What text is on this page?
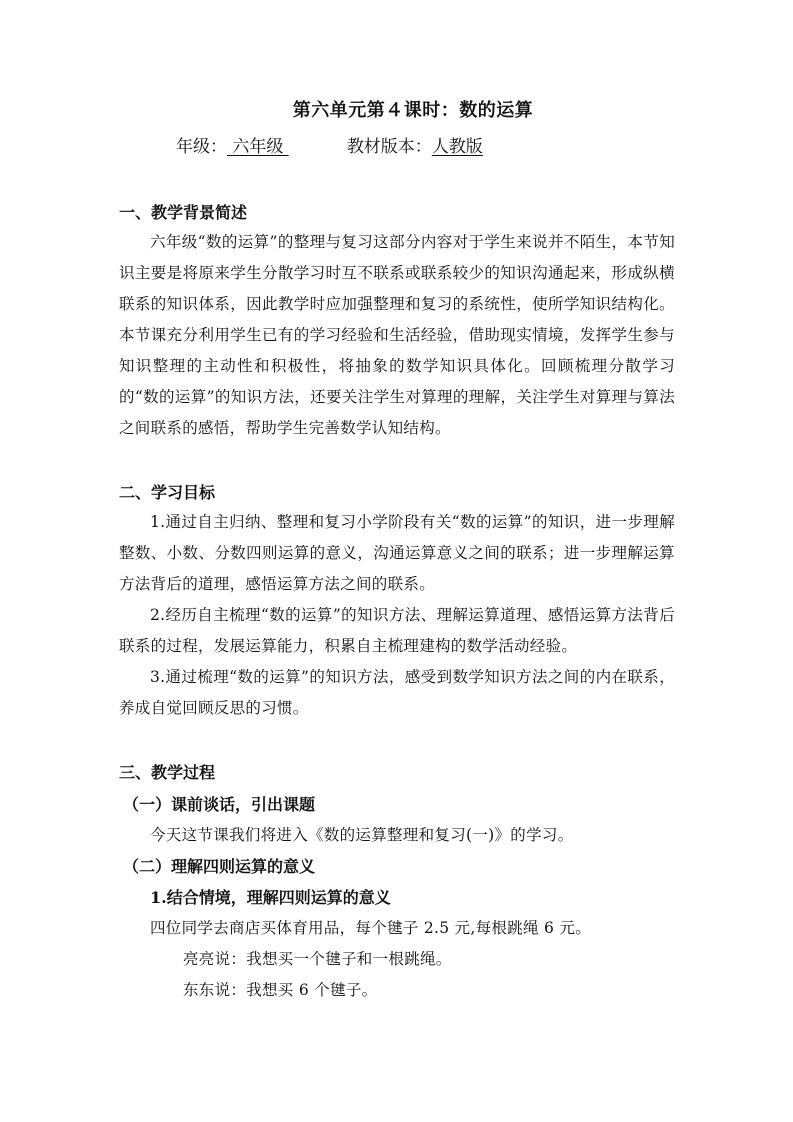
第六单元第４课时：数的运算
年级： 六年级	教材版本：人教版
一、教学背景简述
六年级“数的运算”的整理与复习这部分内容对于学生来说并不陌生，本节知识主要是将原来学生分散学习时互不联系或联系较少的知识沟通起来，形成纵横联系的知识体系，因此教学时应加强整理和复习的系统性，使所学知识结构化。本节课充分利用学生已有的学习经验和生活经验，借助现实情境，发挥学生参与知识整理的主动性和积极性，将抽象的数学知识具体化。回顾梳理分散学习的“数的运算”的知识方法，还要关注学生对算理的理解，关注学生对算理与算法之间联系的感悟，帮助学生完善数学认知结构。
二、学习目标
1.通过自主归纳、整理和复习小学阶段有关“数的运算”的知识，进一步理解整数、小数、分数四则运算的意义，沟通运算意义之间的联系；进一步理解运算方法背后的道理，感悟运算方法之间的联系。
2.经历自主梳理“数的运算”的知识方法、理解运算道理、感悟运算方法背后联系的过程，发展运算能力，积累自主梳理建构的数学活动经验。
3.通过梳理“数的运算”的知识方法，感受到数学知识方法之间的内在联系，养成自觉回顾反思的习惯。
三、教学过程
（一）课前谈话，引出课题
今天这节课我们将进入《数的运算整理和复习(一)》的学习。
（二）理解四则运算的意义
1.结合情境，理解四则运算的意义
四位同学去商店买体育用品，每个毽子 2.5 元,每根跳绳 6 元。
亮亮说：我想买一个毽子和一根跳绳。
东东说：我想买 6 个毽子。
